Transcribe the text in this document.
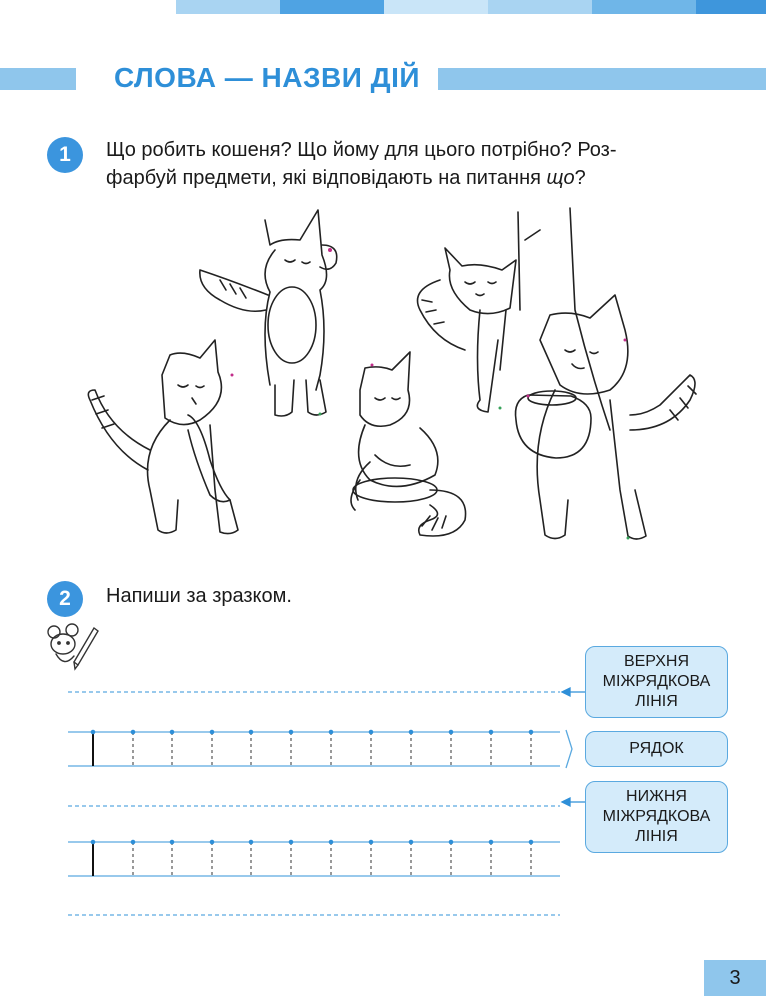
СЛОВА — НАЗВИ ДІЙ
1	Що робить кошеня? Що йому для цього потрібно? Роз-
фарбуй предмети, які відповідають на питання що?
2	Напиши за зразком.
ВЕРХНЯ
МІЖРЯДКОВА
ЛІНІЯ
РЯДОК
НИЖНЯ
МІЖРЯДКОВА
ЛІНІЯ
3
